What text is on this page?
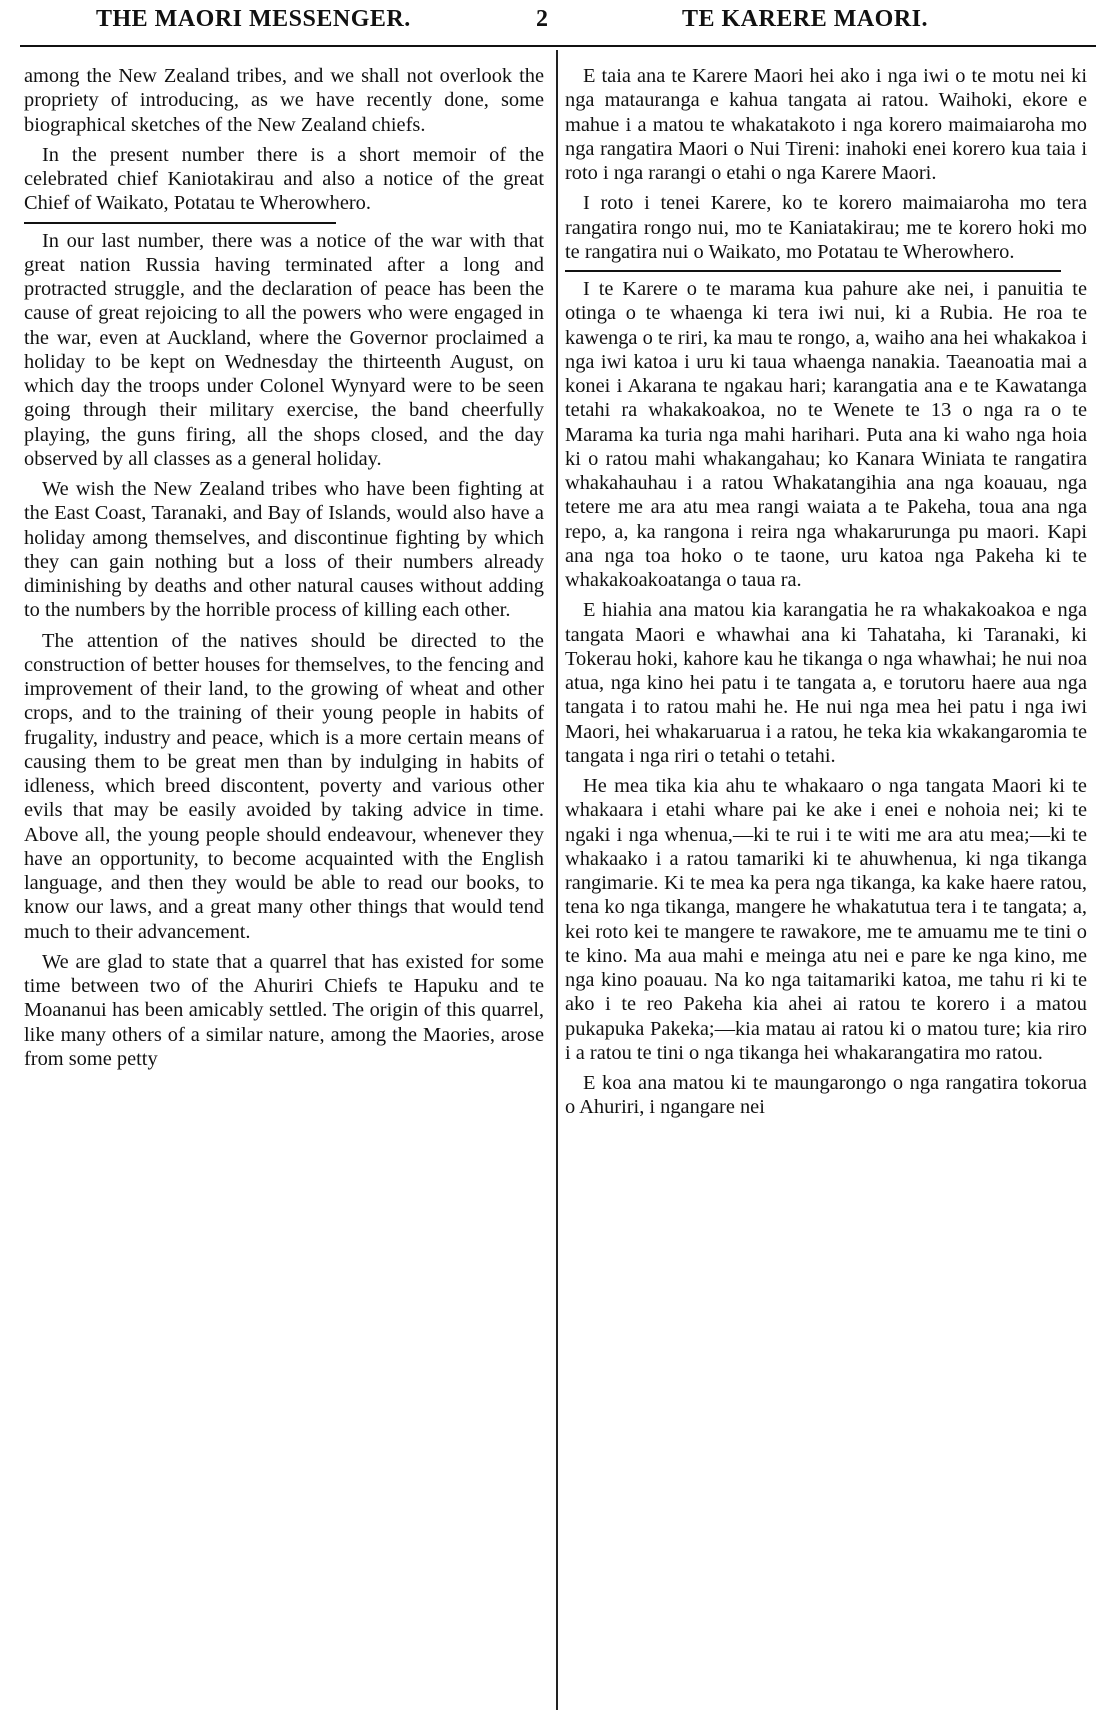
THE MAORI MESSENGER.	2	TE KARERE MAORI.

among the New Zealand tribes, and we shall not overlook the propriety of introducing, as we have recently done, some biographical sketches of the New Zealand chiefs.

In the present number there is a short memoir of the celebrated chief Kaniotakirau and also a notice of the great Chief of Waikato, Potatau te Wherowhero.

In our last number, there was a notice of the war with that great nation Russia having terminated after a long and protracted struggle, and the declaration of peace has been the cause of great rejoicing to all the powers who were engaged in the war, even at Auckland, where the Governor proclaimed a holiday to be kept on Wednesday the thirteenth August, on which day the troops under Colonel Wynyard were to be seen going through their military exercise, the band cheerfully playing, the guns firing, all the shops closed, and the day observed by all classes as a general holiday.

We wish the New Zealand tribes who have been fighting at the East Coast, Taranaki, and Bay of Islands, would also have a holiday among themselves, and discontinue fighting by which they can gain nothing but a loss of their numbers already diminishing by deaths and other natural causes without adding to the numbers by the horrible process of killing each other.

The attention of the natives should be directed to the construction of better houses for themselves, to the fencing and improvement of their land, to the growing of wheat and other crops, and to the training of their young people in habits of frugality, industry and peace, which is a more certain means of causing them to be great men than by indulging in habits of idleness, which breed discontent, poverty and various other evils that may be easily avoided by taking advice in time. Above all, the young people should endeavour, whenever they have an opportunity, to become acquainted with the English language, and then they would be able to read our books, to know our laws, and a great many other things that would tend much to their advancement.

We are glad to state that a quarrel that has existed for some time between two of the Ahuriri Chiefs te Hapuku and te Moananui has been amicably settled. The origin of this quarrel, like many others of a similar nature, among the Maories, arose from some petty

E taia ana te Karere Maori hei ako i nga iwi o te motu nei ki nga matauranga e kahua tangata ai ratou. Waihoki, ekore e mahue i a matou te whakatakoto i nga korero maimaiaroha mo nga rangatira Maori o Nui Tireni: inahoki enei korero kua taia i roto i nga rarangi o etahi o nga Karere Maori.

I roto i tenei Karere, ko te korero maimaiaroha mo tera rangatira rongo nui, mo te Kaniatakirau; me te korero hoki mo te rangatira nui o Waikato, mo Potatau te Wherowhero.

I te Karere o te marama kua pahure ake nei, i panuitia te otinga o te whaenga ki tera iwi nui, ki a Rubia. He roa te kawenga o te riri, ka mau te rongo, a, waiho ana hei whakakoa i nga iwi katoa i uru ki taua whaenga nanakia. Taeanoatia mai a konei i Akarana te ngakau hari; karangatia ana e te Kawatanga tetahi ra whakakoakoa, no te Wenete te 13 o nga ra o te Marama ka turia nga mahi harihari. Puta ana ki waho nga hoia ki o ratou mahi whakangahau; ko Kanara Winiata te rangatira whakahauhau i a ratou Whakatangihia ana nga koauau, nga tetere me ara atu mea rangi waiata a te Pakeha, toua ana nga repo, a, ka rangona i reira nga whakarurunga pu maori. Kapi ana nga toa hoko o te taone, uru katoa nga Pakeha ki te whakakoakoatanga o taua ra.

E hiahia ana matou kia karangatia he ra whakakoakoa e nga tangata Maori e whawhai ana ki Tahataha, ki Taranaki, ki Tokerau hoki, kahore kau he tikanga o nga whawhai; he nui noa atua, nga kino hei patu i te tangata a, e torutoru haere aua nga tangata i to ratou mahi he. He nui nga mea hei patu i nga iwi Maori, hei whakaruarua i a ratou, he teka kia wkakangaromia te tangata i nga riri o tetahi o tetahi.

He mea tika kia ahu te whakaaro o nga tangata Maori ki te whakaara i etahi whare pai ke ake i enei e nohoia nei; ki te ngaki i nga whenua,—ki te rui i te witi me ara atu mea;—ki te whakaako i a ratou tamariki ki te ahuwhenua, ki nga tikanga rangimarie. Ki te mea ka pera nga tikanga, ka kake haere ratou, tena ko nga tikanga, mangere he whakatutua tera i te tangata; a, kei roto kei te mangere te rawakore, me te amuamu me te tini o te kino. Ma aua mahi e meinga atu nei e pare ke nga kino, me nga kino poauau. Na ko nga taitamariki katoa, me tahu ri ki te ako i te reo Pakeha kia ahei ai ratou te korero i a matou pukapuka Pakeka;—kia matau ai ratou ki o matou ture; kia riro i a ratou te tini o nga tikanga hei whakarangatira mo ratou.

E koa ana matou ki te maungarongo o nga rangatira tokorua o Ahuriri, i ngangare nei
